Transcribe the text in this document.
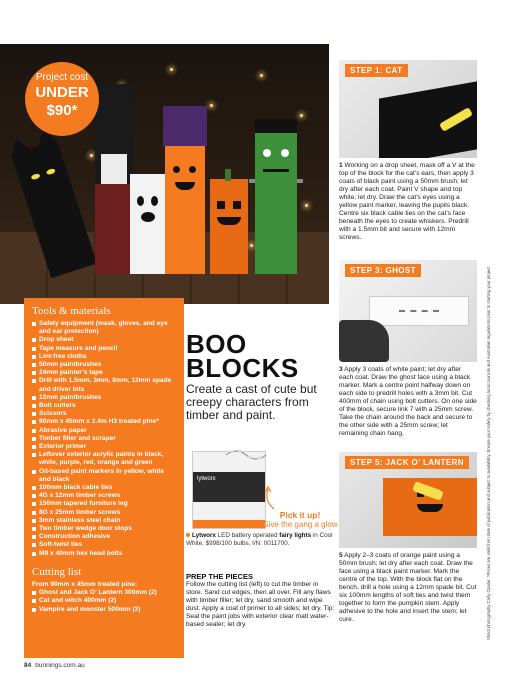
Project cost
UNDER
$90*
Tools & materials
Safety equipment (mask, gloves, and eye and ear protection)
Drop sheet
Tape measure and pencil
Lint-free cloths
50mm paintbrushes
24mm painter’s tape
Drill with 1.5mm, 3mm, 8mm, 12mm spade and driver bits
12mm paintbrushes
Bolt cutters
Scissors
90mm x 45mm x 2.4m H3 treated pine*
Abrasive paper
Timber filler and scraper
Exterior primer
Leftover exterior acrylic paints in black, white, purple, red, orange and green
Oil-based paint markers in yellow, white and black
100mm black cable ties
4G x 12mm timber screws
150mm tapered furniture leg
8G x 25mm timber screws
3mm stainless steel chain
Two timber wedge door stops
Construction adhesive
Soft-twist ties
M8 x 40mm hex head bolts
Cutting list
From 90mm x 45mm treated pine:
Ghost and Jack O’ Lantern 300mm (2)
Cat and witch 400mm (2)
Vampire and monster 500mm (2)
BOO
BLOCKS
Create a cast of cute but creepy characters from timber and paint.
lytworx
Pick it up!
Give the gang a glow
Lytworx LED battery operated fairy lights in Cool White, $998/100 bulbs, I/N: 0011700.
PREP THE PIECES
Follow the cutting list (left) to cut the timber in store. Sand cut edges, then all over. Fill any flaws with timber filler; let dry, sand smooth and wipe dust. Apply a coat of primer to all sides; let dry. Tip: Seal the paint jobs with exterior clear matt water-based sealer; let dry.
STEP 1: CAT
1 Working on a drop sheet, mask off a V at the top of the block for the cat’s ears, then apply 3 coats of black paint using a 50mm brush; let dry after each coat. Paint V shape and top white; let dry. Draw the cat’s eyes using a yellow paint marker, leaving the pupils black. Centre six black cable ties on the cat’s face beneath the eyes to create whiskers. Predrill with a 1.5mm bit and secure with 12mm screws.
STEP 3: GHOST
3 Apply 3 coats of white paint; let dry after each coat. Draw the ghost face using a black marker. Mark a centre point halfway down on each side to predrill holes with a 3mm bit. Cut 400mm of chain using bolt cutters. On one side of the block, secure link 7 with a 25mm screw. Take the chain around the back and secure to the other side with a 25mm screw; let remaining chain hang.
STEP 5: JACK O’ LANTERN
5 Apply 2–3 coats of orange paint using a 50mm brush; let dry after each coat. Draw the face using a black paint marker. Mark the centre of the top. With the block flat on the bench, drill a hole using a 12mm spade bit. Cut six 100mm lengths of soft ties and twist them together to form the pumpkin stem. Apply adhesive to the hole and insert the stem; let cure.	Shoot photography Carly Cipolar. *Prices are valid from date of publication and subject to availability. Ensure your safety by checking local councils and Australian regulations prior to starting your project.
84 bunnings.com.au
